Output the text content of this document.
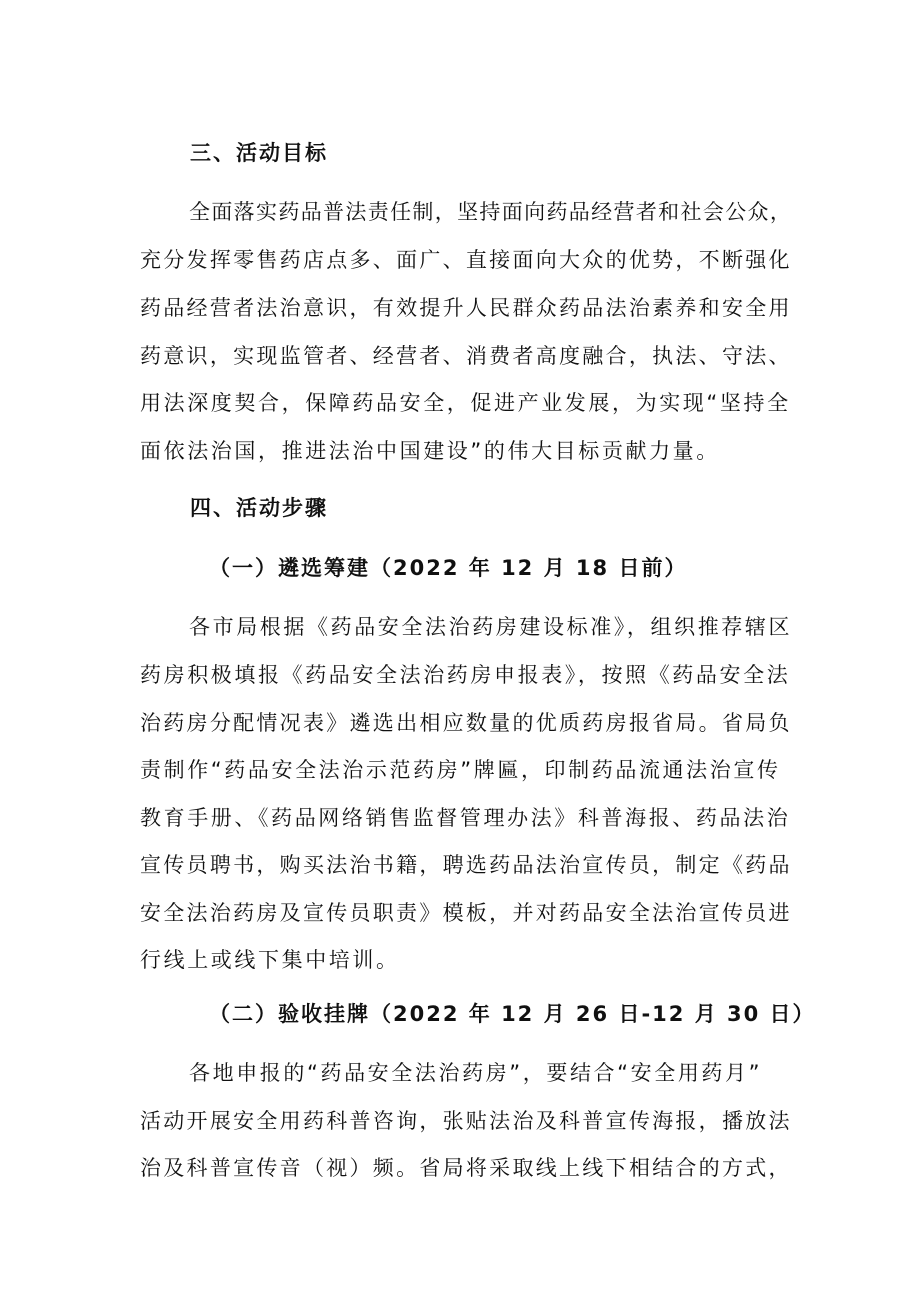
三、活动目标

全面落实药品普法责任制，坚持面向药品经营者和社会公众，

充分发挥零售药店点多、面广、直接面向大众的优势，不断强化

药品经营者法治意识，有效提升人民群众药品法治素养和安全用

药意识，实现监管者、经营者、消费者高度融合，执法、守法、

用法深度契合，保障药品安全，促进产业发展，为实现“坚持全

面依法治国，推进法治中国建设”的伟大目标贡献力量。

四、活动步骤

（一）遴选筹建（2022 年 12 月 18 日前）

各市局根据《药品安全法治药房建设标准》，组织推荐辖区

药房积极填报《药品安全法治药房申报表》，按照《药品安全法

治药房分配情况表》遴选出相应数量的优质药房报省局。省局负

责制作“药品安全法治示范药房”牌匾，印制药品流通法治宣传

教育手册、《药品网络销售监督管理办法》科普海报、药品法治

宣传员聘书，购买法治书籍，聘选药品法治宣传员，制定《药品

安全法治药房及宣传员职责》模板，并对药品安全法治宣传员进

行线上或线下集中培训。

（二）验收挂牌（2022 年 12 月 26 日-12 月 30 日）

各地申报的“药品安全法治药房”，要结合“安全用药月”

活动开展安全用药科普咨询，张贴法治及科普宣传海报，播放法

治及科普宣传音（视）频。省局将采取线上线下相结合的方式，
